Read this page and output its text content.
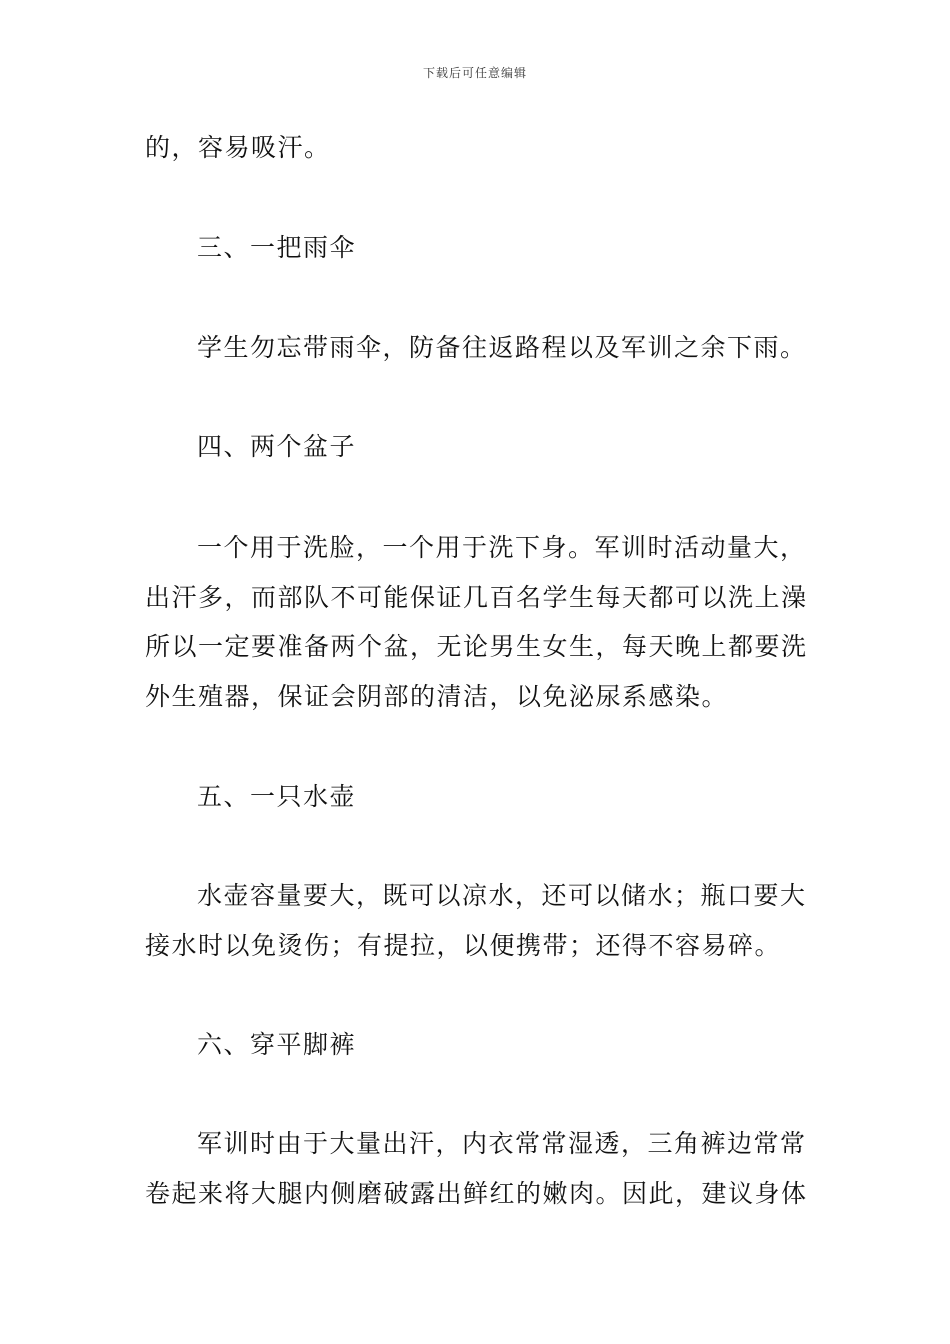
下载后可任意编辑
的，容易吸汗。
三、一把雨伞
学生勿忘带雨伞，防备往返路程以及军训之余下雨。
四、两个盆子
一个用于洗脸，一个用于洗下身。军训时活动量大，
出汗多，而部队不可能保证几百名学生每天都可以洗上澡
所以一定要准备两个盆，无论男生女生，每天晚上都要洗
外生殖器，保证会阴部的清洁，以免泌尿系感染。
五、一只水壶
水壶容量要大，既可以凉水，还可以储水；瓶口要大
接水时以免烫伤；有提拉，以便携带；还得不容易碎。
六、穿平脚裤
军训时由于大量出汗，内衣常常湿透，三角裤边常常
卷起来将大腿内侧磨破露出鲜红的嫩肉。因此，建议身体
